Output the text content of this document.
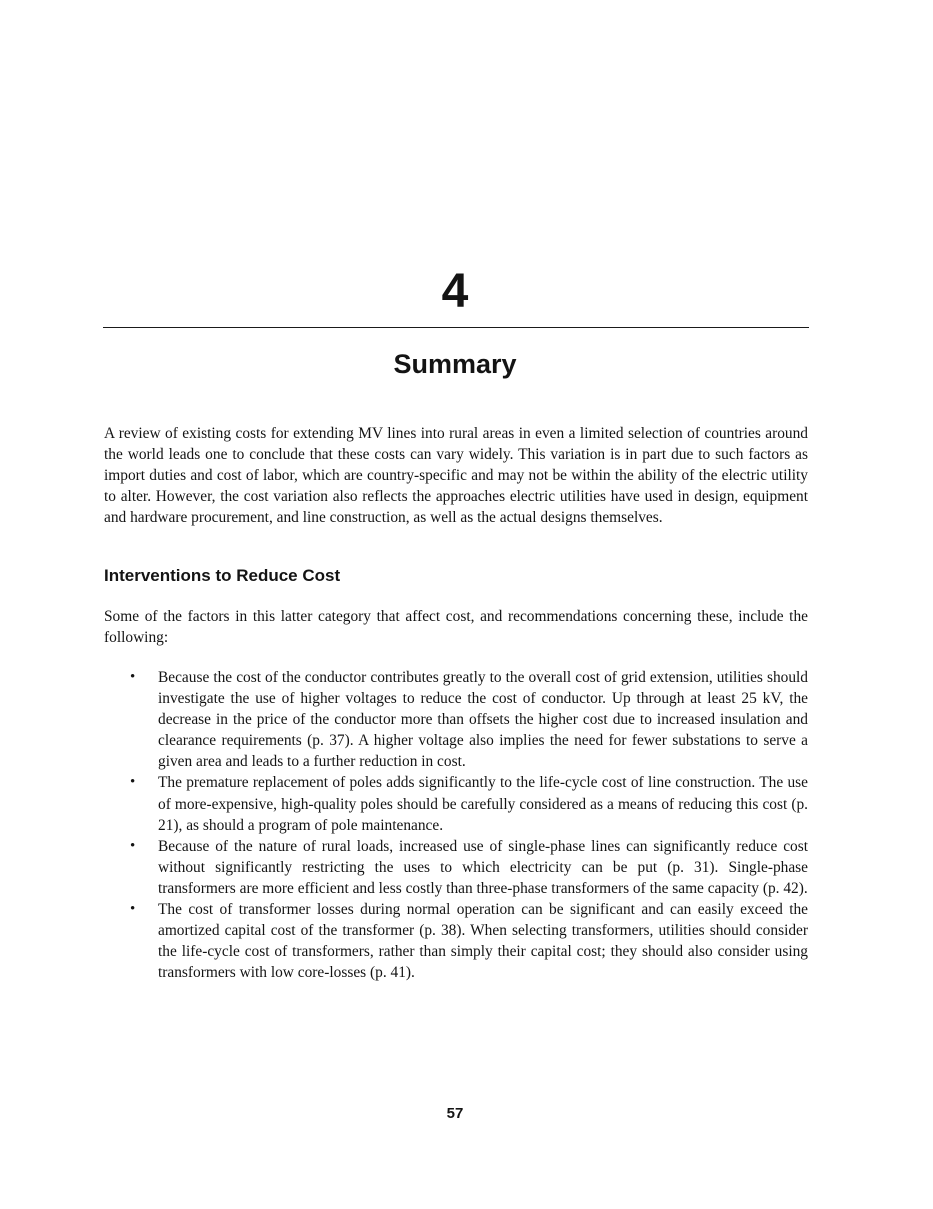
4
Summary

A review of existing costs for extending MV lines into rural areas in even a limited selection of countries around the world leads one to conclude that these costs can vary widely. This variation is in part due to such factors as import duties and cost of labor, which are country-specific and may not be within the ability of the electric utility to alter. However, the cost variation also reflects the approaches electric utilities have used in design, equipment and hardware procurement, and line construction, as well as the actual designs themselves.

Interventions to Reduce Cost

Some of the factors in this latter category that affect cost, and recommendations concerning these, include the following:

• Because the cost of the conductor contributes greatly to the overall cost of grid extension, utilities should investigate the use of higher voltages to reduce the cost of conductor. Up through at least 25 kV, the decrease in the price of the conductor more than offsets the higher cost due to increased insulation and clearance requirements (p. 37). A higher voltage also implies the need for fewer substations to serve a given area and leads to a further reduction in cost.
• The premature replacement of poles adds significantly to the life-cycle cost of line construction. The use of more-expensive, high-quality poles should be carefully considered as a means of reducing this cost (p. 21), as should a program of pole maintenance.
• Because of the nature of rural loads, increased use of single-phase lines can significantly reduce cost without significantly restricting the uses to which electricity can be put (p. 31). Single-phase transformers are more efficient and less costly than three-phase transformers of the same capacity (p. 42).
• The cost of transformer losses during normal operation can be significant and can easily exceed the amortized capital cost of the transformer (p. 38). When selecting transformers, utilities should consider the life-cycle cost of transformers, rather than simply their capital cost; they should also consider using transformers with low core-losses (p. 41).

57
